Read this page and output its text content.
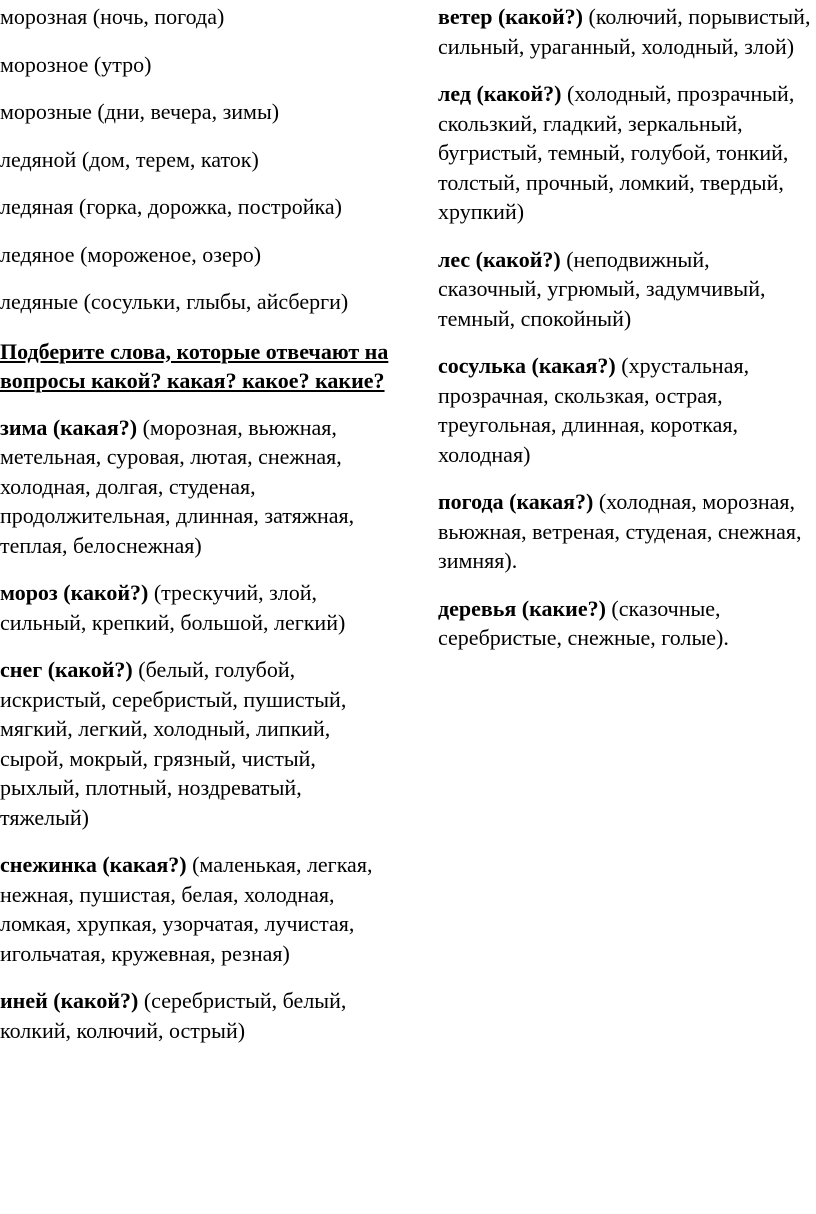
морозная (ночь, погода)

морозное (утро)

морозные (дни, вечера, зимы)

ледяной (дом, терем, каток)

ледяная (горка, дорожка, постройка)

ледяное (мороженое, озеро)

ледяные (сосульки, глыбы, айсберги)

Подберите слова, которые отвечают на вопросы какой? какая? какое? какие?

зима (какая?) (морозная, вьюжная, метельная, суровая, лютая, снежная, холодная, долгая, студеная, продолжительная, длинная, затяжная, теплая, белоснежная)

мороз (какой?) (трескучий, злой, сильный, крепкий, большой, легкий)

снег (какой?) (белый, голубой, искристый, серебристый, пушистый, мягкий, легкий, холодный, липкий, сырой, мокрый, грязный, чистый, рыхлый, плотный, ноздреватый, тяжелый)

снежинка (какая?) (маленькая, легкая, нежная, пушистая, белая, холодная, ломкая, хрупкая, узорчатая, лучистая, игольчатая, кружевная, резная)

иней (какой?) (серебристый, белый, колкий, колючий, острый)

ветер (какой?) (колючий, порывистый, сильный, ураганный, холодный, злой)

лед (какой?) (холодный, прозрачный, скользкий, гладкий, зеркальный, бугристый, темный, голубой, тонкий, толстый, прочный, ломкий, твердый, хрупкий)

лес (какой?) (неподвижный, сказочный, угрюмый, задумчивый, темный, спокойный)

сосулька (какая?) (хрустальная, прозрачная, скользкая, острая, треугольная, длинная, короткая, холодная)

погода (какая?) (холодная, морозная, вьюжная, ветреная, студеная, снежная, зимняя).

деревья (какие?) (сказочные, серебристые, снежные, голые).
